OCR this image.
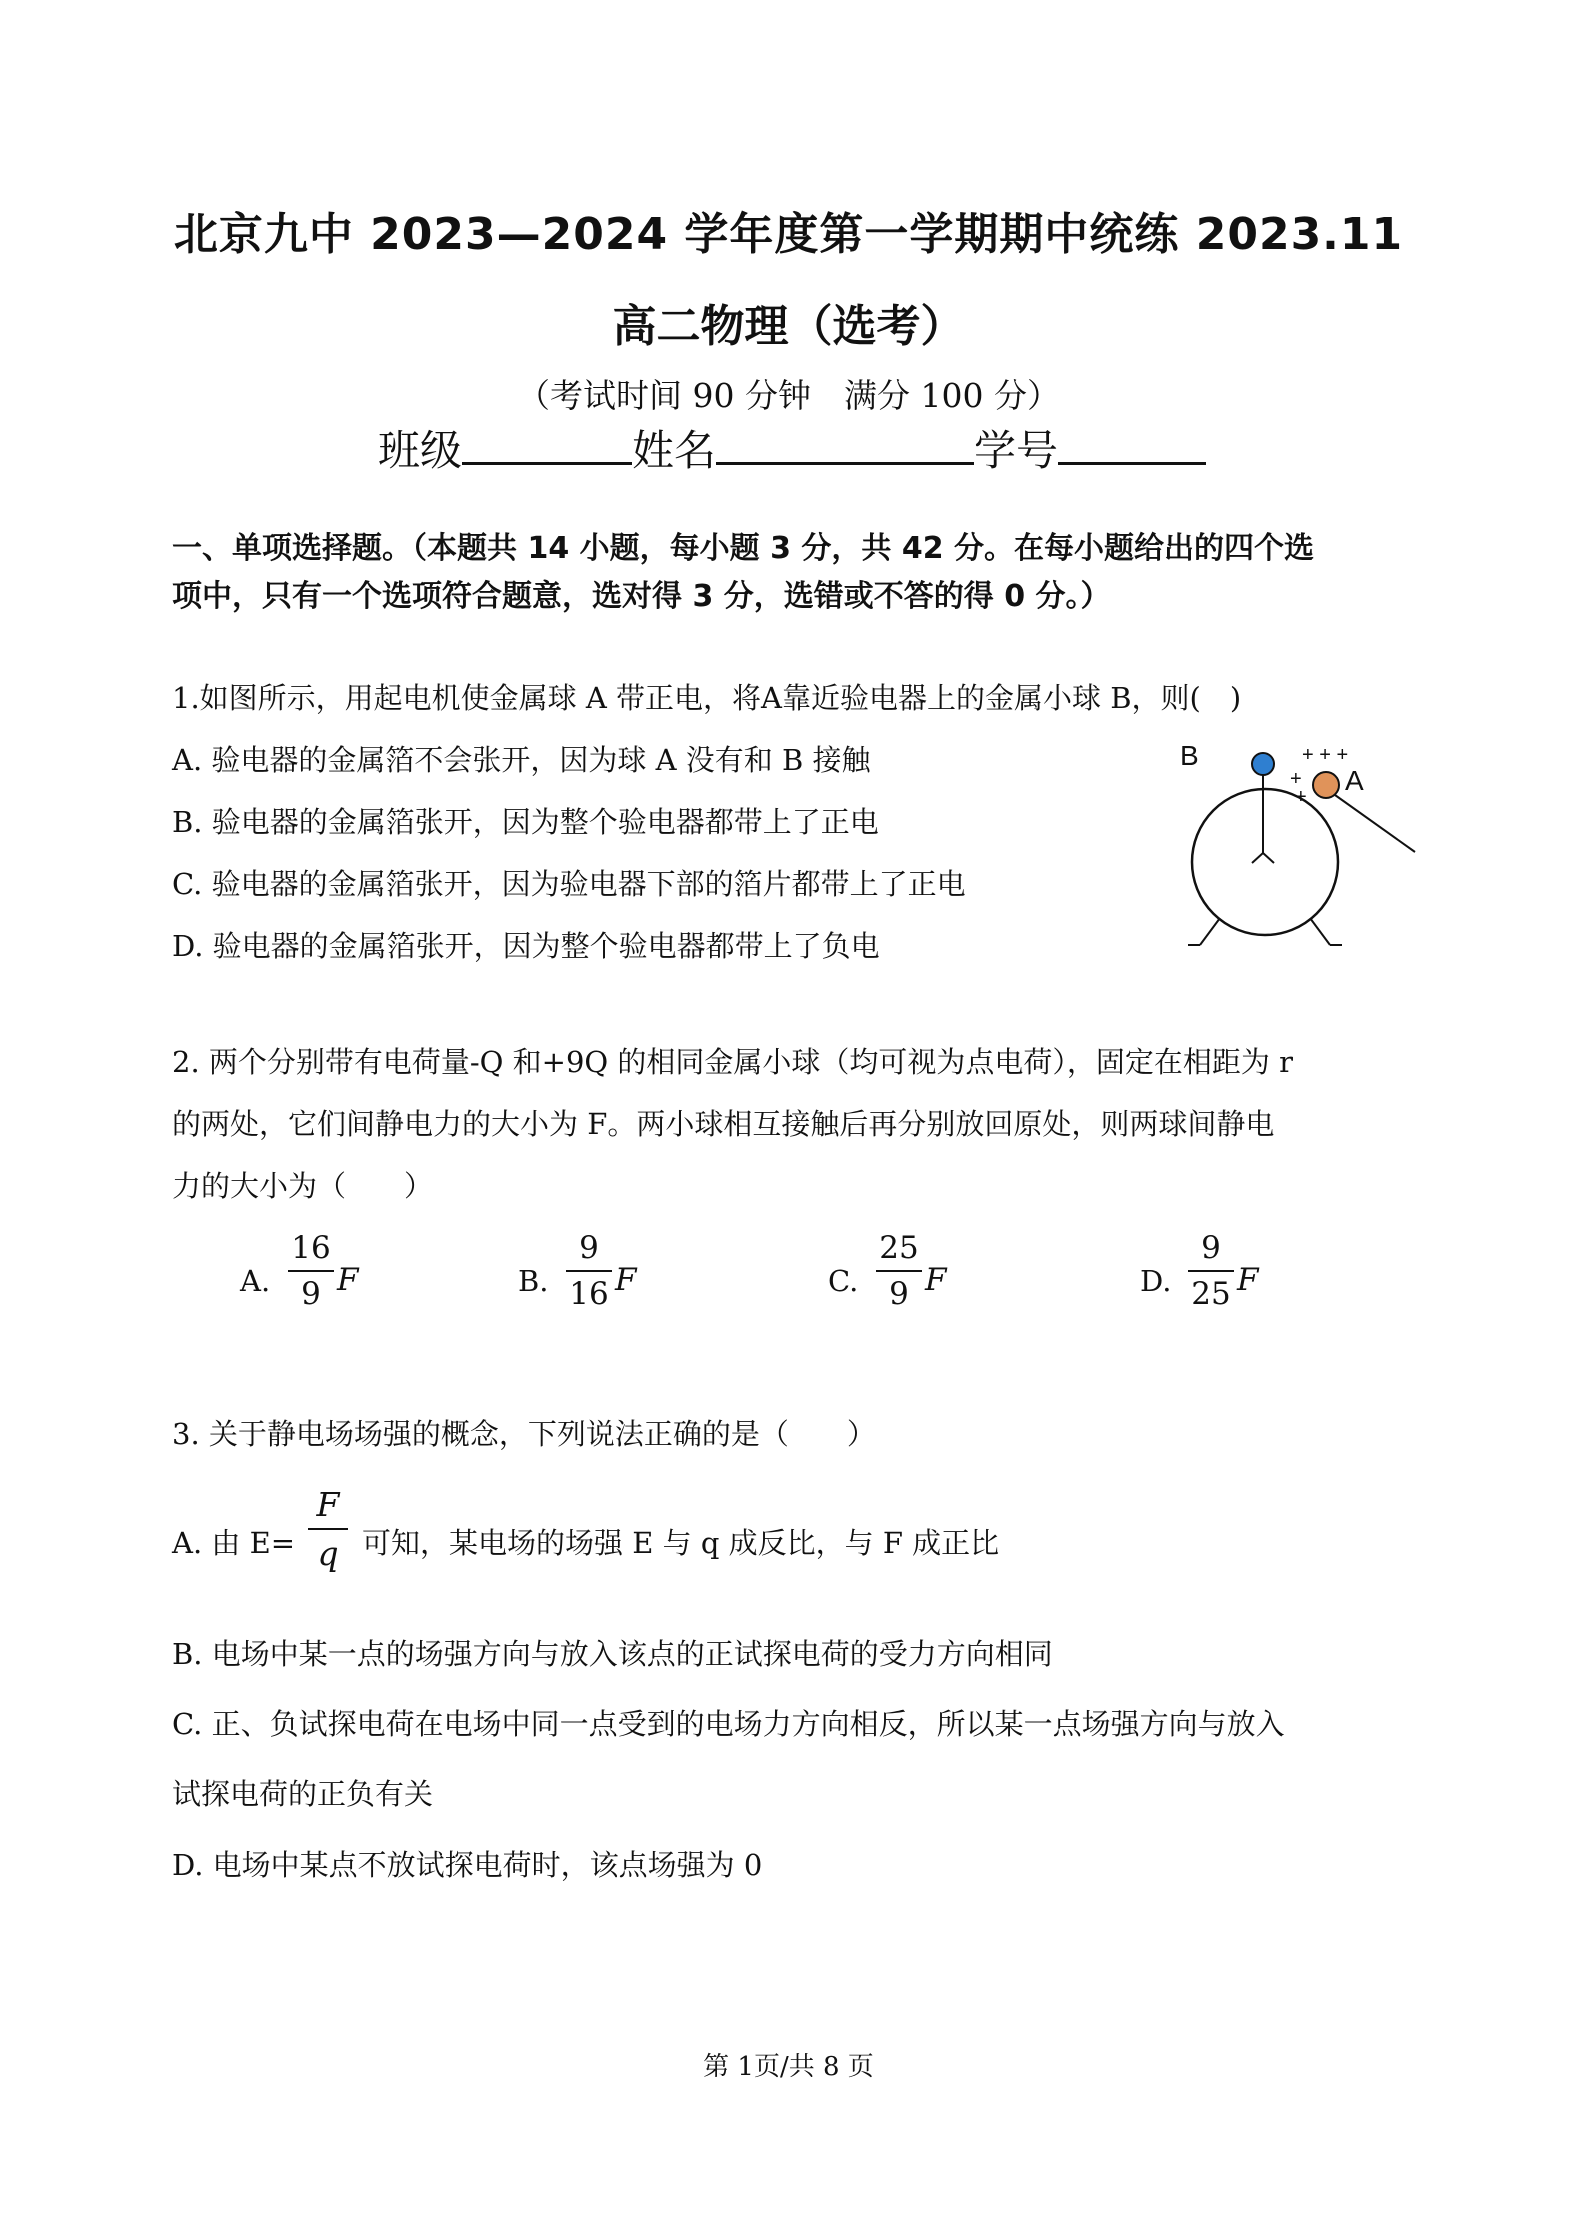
北京九中 2023—2024 学年度第一学期期中统练 2023.11
高二物理（选考）
（考试时间 90 分钟　满分 100 分）
班级	姓名	学号
一、单项选择题。（本题共 14 小题，每小题 3 分，共 42 分。在每小题给出的四个选
项中，只有一个选项符合题意，选对得 3 分，选错或不答的得 0 分。）
1.如图所示，用起电机使金属球 A 带正电，将A靠近验电器上的金属小球 B，则(　)
A. 验电器的金属箔不会张开，因为球 A 没有和 B 接触
B. 验电器的金属箔张开，因为整个验电器都带上了正电
C. 验电器的金属箔张开，因为验电器下部的箔片都带上了正电
D. 验电器的金属箔张开，因为整个验电器都带上了负电
B	+ + +
+
+
A
2. 两个分别带有电荷量-Q 和+9Q 的相同金属小球（均可视为点电荷），固定在相距为 r
的两处，它们间静电力的大小为 F。两小球相互接触后再分别放回原处，则两球间静电
力的大小为（　　）
A.
16
9 F	B.
9
16 F	C.
25
9 F	D.
9
25 F
3. 关于静电场场强的概念，下列说法正确的是（　　）
A. 由 E=
F
q 可知，某电场的场强 E 与 q 成反比，与 F 成正比
B. 电场中某一点的场强方向与放入该点的正试探电荷的受力方向相同
C. 正、负试探电荷在电场中同一点受到的电场力方向相反，所以某一点场强方向与放入
试探电荷的正负有关
D. 电场中某点不放试探电荷时，该点场强为 0
第 1页/共 8 页
